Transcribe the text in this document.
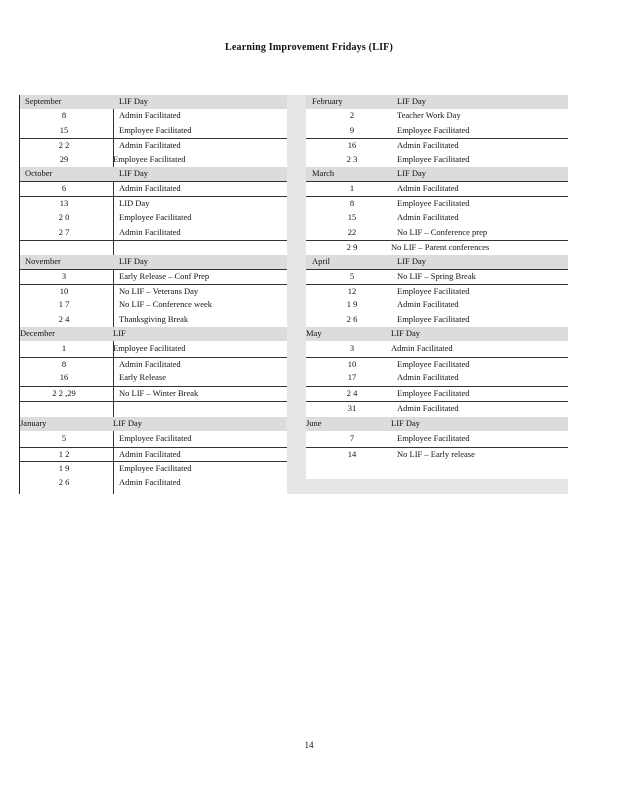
Learning Improvement Fridays (LIF)
September	LIF Day
8	Admin Facilitated
15	Employee Facilitated
2 2	Admin Facilitated
29	Employee Facilitated
October	LIF Day
6	Admin Facilitated
13	LID Day
2 0	Employee Facilitated
2 7	Admin Facilitated
November	LIF Day
3	Early Release – Conf Prep
10	No LIF – Veterans Day
1 7	No LIF – Conference week
2 4	Thanksgiving Break
December	LIF
1	Employee Facilitated
8	Admin Facilitated
16	Early Release
2 2 ,29	No LIF – Winter Break
January	LIF Day
5	Employee Facilitated
1 2	Admin Facilitated
1 9	Employee Facilitated
2 6	Admin Facilitated
February	LIF Day
2	Teacher Work Day
9	Employee Facilitated
16	Admin Facilitated
2 3	Employee Facilitated
March	LIF Day
1	Admin Facilitated
8	Employee Facilitated
15	Admin Facilitated
22	No LIF – Conference prep
2 9	No LIF – Parent conferences
April	LIF Day
5	No LIF – Spring Break
12	Employee Facilitated
1 9	Admin Facilitated
2 6	Employee Facilitated
May	LIF Day
3	Admin Facilitated
10	Employee Facilitated
17	Admin Facilitated
2 4	Employee Facilitated
31	Admin Facilitated
June	LIF Day
7	Employee Facilitated
14	No LIF – Early release
14
